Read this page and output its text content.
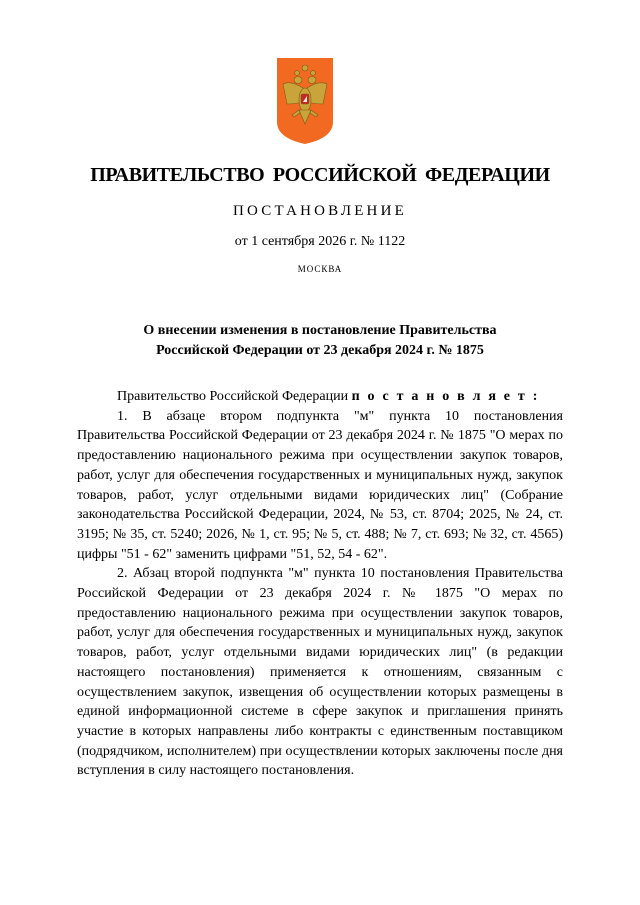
ПРАВИТЕЛЬСТВО РОССИЙСКОЙ ФЕДЕРАЦИИ
ПОСТАНОВЛЕНИЕ
от 1 сентября 2026 г. № 1122
МОСКВА
О внесении изменения в постановление Правительства
Российской Федерации от 23 декабря 2024 г. № 1875

Правительство Российской Федерации п о с т а н о в л я е т :

1. В абзаце втором подпункта "м" пункта 10 постановления Правительства Российской Федерации от 23 декабря 2024 г. № 1875 "О мерах по предоставлению национального режима при осуществлении закупок товаров, работ, услуг для обеспечения государственных и муниципальных нужд, закупок товаров, работ, услуг отдельными видами юридических лиц" (Собрание законодательства Российской Федерации, 2024, № 53, ст. 8704; 2025, № 24, ст. 3195; № 35, ст. 5240; 2026, № 1, ст. 95; № 5, ст. 488; № 7, ст. 693; № 32, ст. 4565) цифры "51 - 62" заменить цифрами "51, 52, 54 - 62".

2. Абзац второй подпункта "м" пункта 10 постановления Правительства Российской Федерации от 23 декабря 2024 г. № 1875 "О мерах по предоставлению национального режима при осуществлении закупок товаров, работ, услуг для обеспечения государственных и муниципальных нужд, закупок товаров, работ, услуг отдельными видами юридических лиц" (в редакции настоящего постановления) применяется к отношениям, связанным с осуществлением закупок, извещения об осуществлении которых размещены в единой информационной системе в сфере закупок и приглашения принять участие в которых направлены либо контракты с единственным поставщиком (подрядчиком, исполнителем) при осуществлении которых заключены после дня вступления в силу настоящего постановления.
